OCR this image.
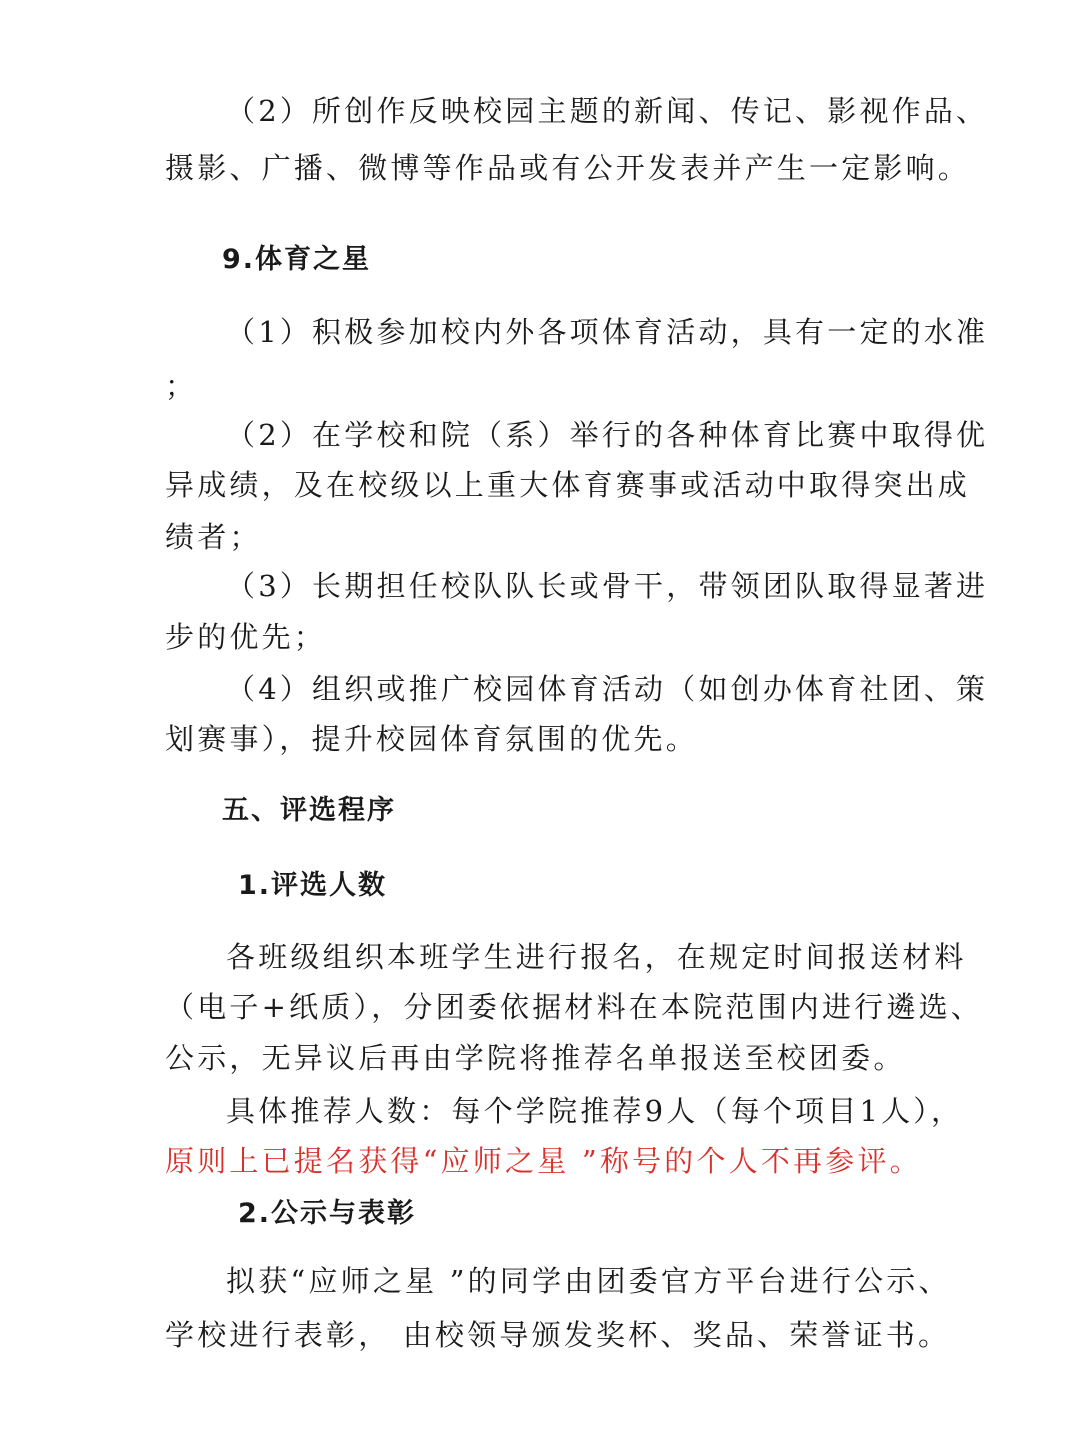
（2）所创作反映校园主题的新闻、传记、影视作品、
摄影、广播、微博等作品或有公开发表并产生一定影响。
9.体育之星
（1）积极参加校内外各项体育活动，具有一定的水准
；
（2）在学校和院（系）举行的各种体育比赛中取得优
异成绩，及在校级以上重大体育赛事或活动中取得突出成
绩者；
（3）长期担任校队队长或骨干，带领团队取得显著进
步的优先；
（4）组织或推广校园体育活动（如创办体育社团、策
划赛事），提升校园体育氛围的优先。
五、评选程序
1.评选人数
各班级组织本班学生进行报名，在规定时间报送材料
（电子+纸质），分团委依据材料在本院范围内进行遴选、
公示，无异议后再由学院将推荐名单报送至校团委。
具体推荐人数：每个学院推荐9人（每个项目1人），
原则上已提名获得“应师之星 ”称号的个人不再参评。
2.公示与表彰
拟获“应师之星 ”的同学由团委官方平台进行公示、
学校进行表彰， 由校领导颁发奖杯、奖品、荣誉证书。
